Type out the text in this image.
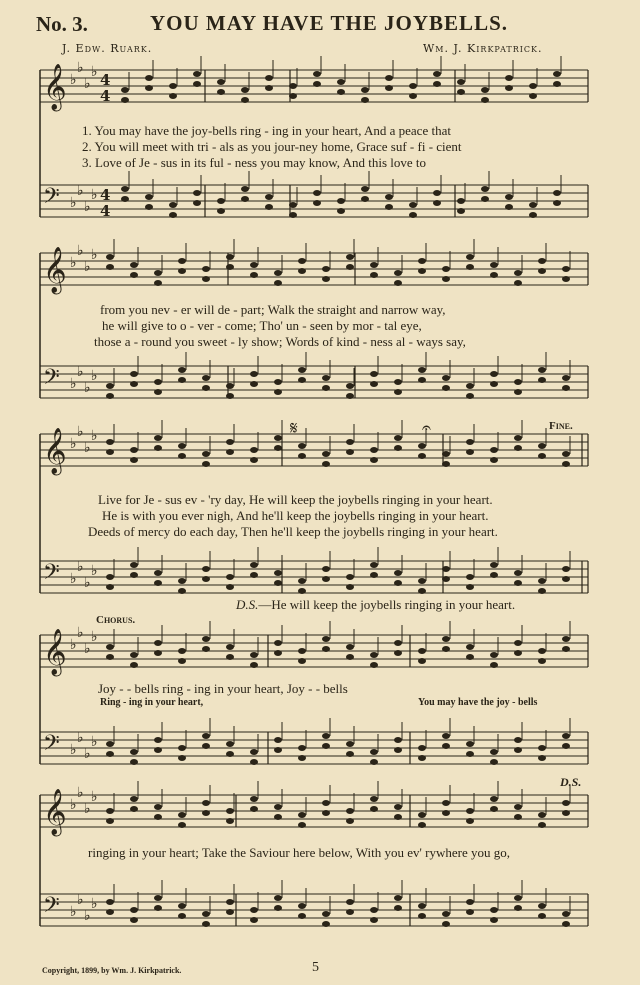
No. 3.	YOU MAY HAVE THE JOYBELLS.
J. Edw. Ruark.	Wm. J. Kirkpatrick.
𝄞 ♭
♭
♭
♭ 4
4
𝄢 ♭
♭
♭
♭ 4
4
𝄞 ♭
♭
♭
♭
𝄢 ♭
♭
♭
♭
𝄞 ♭
♭
♭
♭
𝄢 ♭
♭
♭
♭
𝄞 ♭
♭
♭
♭
𝄢 ♭
♭
♭
♭
𝄞 ♭
♭
♭
♭
𝄢 ♭
♭
♭
♭
1. You may have the joy-bells ring - ing in your heart, And a peace that
2. You will meet with tri - als as you jour-ney home, Grace suf - fi - cient
3. Love of Je - sus in its ful - ness you may know, And this love to
from you nev - er will de - part; Walk the straight and narrow way,
he will give to o - ver - come; Tho' un - seen by mor - tal eye,
those a - round you sweet - ly show; Words of kind - ness al - ways say,
𝄋	𝄐	Fine.
Live for Je - sus ev - 'ry day, He will keep the joybells ringing in your heart.
He is with you ever nigh, And he'll keep the joybells ringing in your heart.
Deeds of mercy do each day, Then he'll keep the joybells ringing in your heart.
D.S.—He will keep the joybells ringing in your heart.
Chorus.
Joy - - bells ring - ing in your heart, Joy - - bells
Ring - ing in your heart,	You may have the joy - bells
D.S.
ringing in your heart; Take the Saviour here below, With you ev' rywhere you go,
Copyright, 1899, by Wm. J. Kirkpatrick.	5
